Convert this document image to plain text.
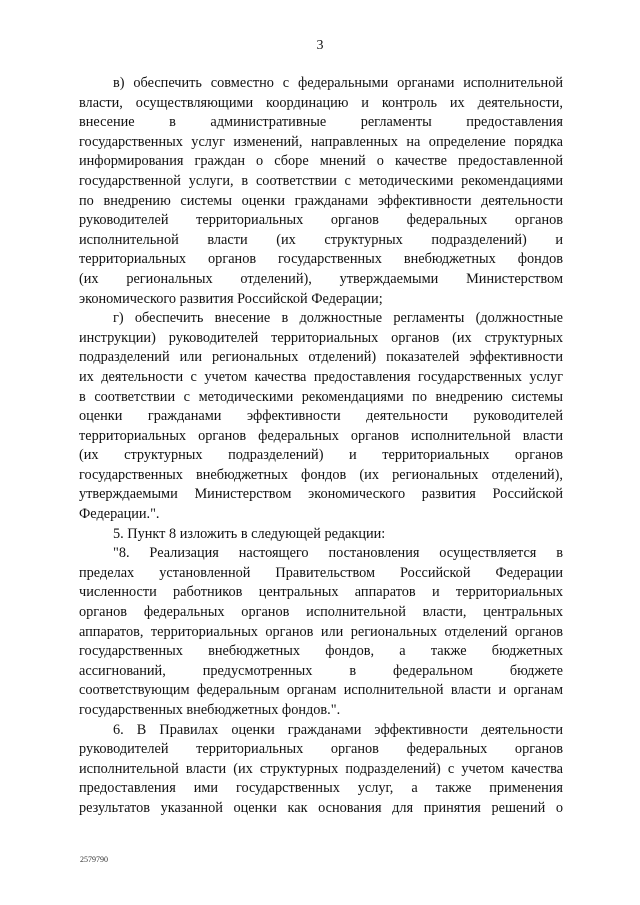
3
в) обеспечить совместно с федеральными органами исполнительной
власти, осуществляющими координацию и контроль их деятельности,
внесение в административные регламенты предоставления
государственных услуг изменений, направленных на определение порядка
информирования граждан о сборе мнений о качестве предоставленной
государственной услуги, в соответствии с методическими рекомендациями
по внедрению системы оценки гражданами эффективности деятельности
руководителей территориальных органов федеральных органов
исполнительной власти (их структурных подразделений) и
территориальных органов государственных внебюджетных фондов
(их региональных отделений), утверждаемыми Министерством
экономического развития Российской Федерации;
г) обеспечить внесение в должностные регламенты (должностные
инструкции) руководителей территориальных органов (их структурных
подразделений или региональных отделений) показателей эффективности
их деятельности с учетом качества предоставления государственных услуг
в соответствии с методическими рекомендациями по внедрению системы
оценки гражданами эффективности деятельности руководителей
территориальных органов федеральных органов исполнительной власти
(их структурных подразделений) и территориальных органов
государственных внебюджетных фондов (их региональных отделений),
утверждаемыми Министерством экономического развития Российской
Федерации.".
5. Пункт 8 изложить в следующей редакции:
"8. Реализация настоящего постановления осуществляется в
пределах установленной Правительством Российской Федерации
численности работников центральных аппаратов и территориальных
органов федеральных органов исполнительной власти, центральных
аппаратов, территориальных органов или региональных отделений органов
государственных внебюджетных фондов, а также бюджетных
ассигнований, предусмотренных в федеральном бюджете
соответствующим федеральным органам исполнительной власти и органам
государственных внебюджетных фондов.".
6. В Правилах оценки гражданами эффективности деятельности
руководителей территориальных органов федеральных органов
исполнительной власти (их структурных подразделений) с учетом качества
предоставления ими государственных услуг, а также применения
результатов указанной оценки как основания для принятия решений о
2579790
